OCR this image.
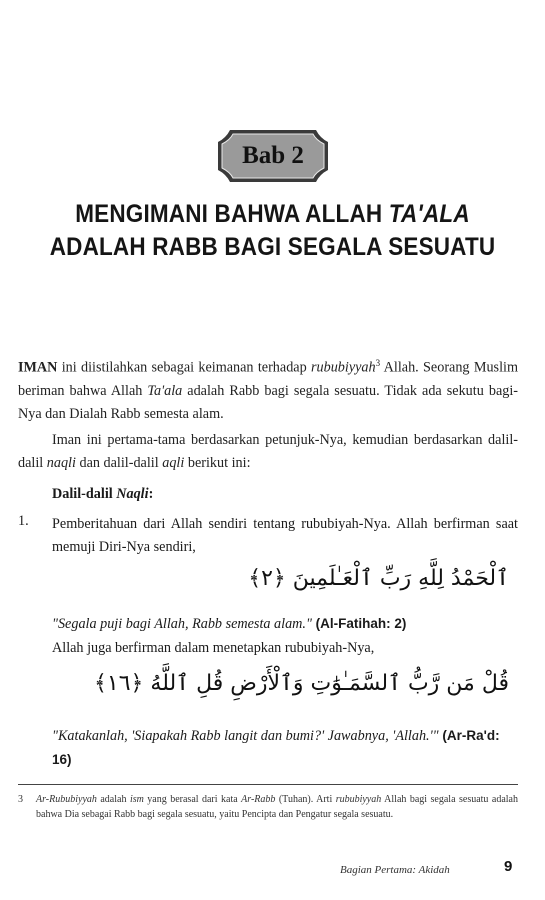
Bab 2
MENGIMANI BAHWA ALLAH TA'ALA
ADALAH RABB BAGI SEGALA SESUATU
IMAN ini diistilahkan sebagai keimanan terhadap rububiyyah$^3$ Allah. Seorang Muslim beriman bahwa Allah Ta'ala adalah Rabb bagi segala sesuatu. Tidak ada sekutu bagi-Nya dan Dialah Rabb semesta alam.
Iman ini pertama-tama berdasarkan petunjuk-Nya, kemudian berdasarkan dalil-dalil naqli dan dalil-dalil aqli berikut ini:
Dalil-dalil Naqli:
1. Pemberitahuan dari Allah sendiri tentang rububiyah-Nya. Allah berfirman saat memuji Diri-Nya sendiri,
ٱلْحَمْدُ لِلَّهِ رَبِّ ٱلْعَـٰلَمِينَ ﴿٢﴾
"Segala puji bagi Allah, Rabb semesta alam." (Al-Fatihah: 2)
Allah juga berfirman dalam menetapkan rububiyah-Nya,
قُلْ مَن رَّبُّ ٱلسَّمَـٰوَٰتِ وَٱلْأَرْضِ قُلِ ٱللَّهُ ﴿١٦﴾
"Katakanlah, 'Siapakah Rabb langit dan bumi?' Jawabnya, 'Allah.'" (Ar-Ra'd: 16)
3 Ar-Rububiyyah adalah ism yang berasal dari kata Ar-Rabb (Tuhan). Arti rububiyyah Allah bagi segala sesuatu adalah bahwa Dia sebagai Rabb bagi segala sesuatu, yaitu Pencipta dan Pengatur segala sesuatu.
Bagian Pertama: Akidah	9
